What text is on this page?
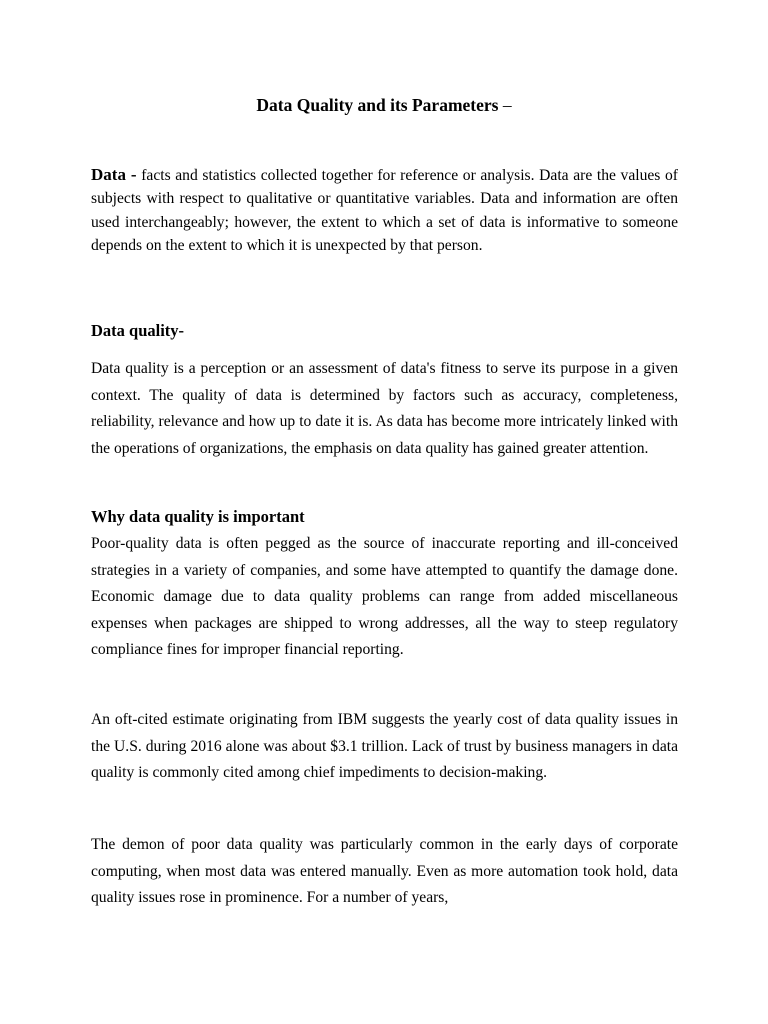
Data Quality and its Parameters –

Data - facts and statistics collected together for reference or analysis. Data are the values of subjects with respect to qualitative or quantitative variables. Data and information are often used interchangeably; however, the extent to which a set of data is informative to someone depends on the extent to which it is unexpected by that person.

Data quality-

Data quality is a perception or an assessment of data's fitness to serve its purpose in a given context. The quality of data is determined by factors such as accuracy, completeness, reliability, relevance and how up to date it is. As data has become more intricately linked with the operations of organizations, the emphasis on data quality has gained greater attention.

Why data quality is important

Poor-quality data is often pegged as the source of inaccurate reporting and ill-conceived strategies in a variety of companies, and some have attempted to quantify the damage done. Economic damage due to data quality problems can range from added miscellaneous expenses when packages are shipped to wrong addresses, all the way to steep regulatory compliance fines for improper financial reporting.

An oft-cited estimate originating from IBM suggests the yearly cost of data quality issues in the U.S. during 2016 alone was about $3.1 trillion. Lack of trust by business managers in data quality is commonly cited among chief impediments to decision-making.

The demon of poor data quality was particularly common in the early days of corporate computing, when most data was entered manually. Even as more automation took hold, data quality issues rose in prominence. For a number of years,
